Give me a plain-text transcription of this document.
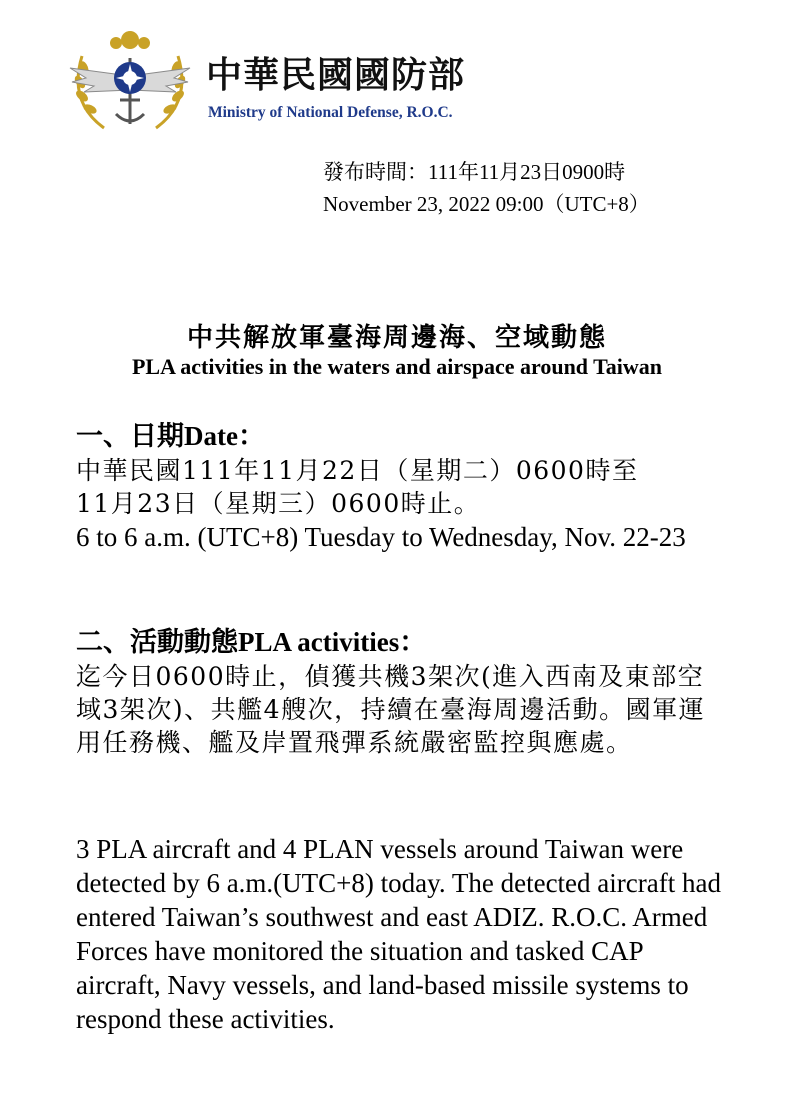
中華民國國防部
Ministry of National Defense, R.O.C.
發布時間：111年11月23日0900時
November 23, 2022 09:00（UTC+8）
中共解放軍臺海周邊海、空域動態
PLA activities in the waters and airspace around Taiwan
一、日期Date：
中華民國111年11月22日（星期二）0600時至
11月23日（星期三）0600時止。
6 to 6 a.m. (UTC+8) Tuesday to Wednesday, Nov. 22-23
二、活動動態PLA activities：
迄今日0600時止，偵獲共機3架次(進入西南及東部空域3架次)、共艦4艘次，持續在臺海周邊活動。國軍運用任務機、艦及岸置飛彈系統嚴密監控與應處。
3 PLA aircraft and 4 PLAN vessels around Taiwan were detected by 6 a.m.(UTC+8) today. The detected aircraft had entered Taiwan’s southwest and east ADIZ. R.O.C. Armed Forces have monitored the situation and tasked CAP aircraft, Navy vessels, and land-based missile systems to respond these activities.
